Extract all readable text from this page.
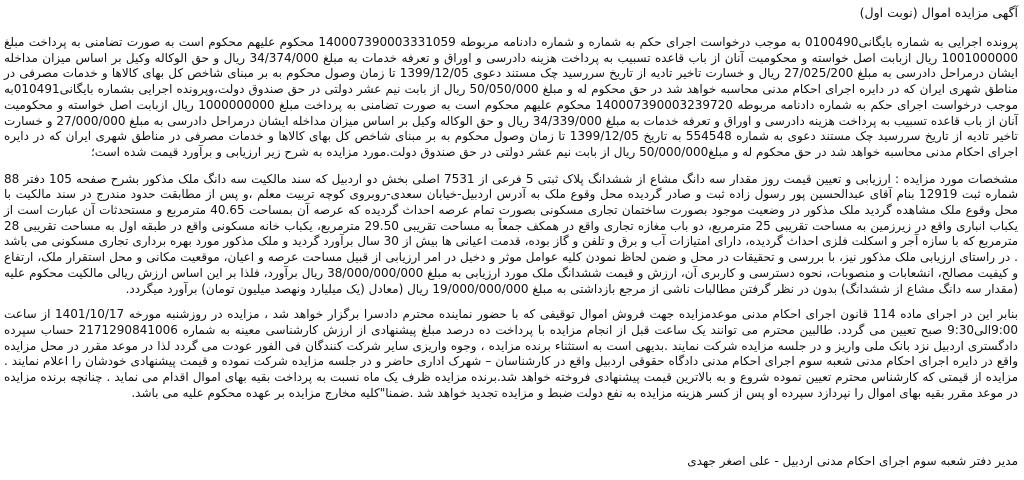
آگهی مزایده اموال (نوبت اول)
پرونده اجرایی به شماره بایگانی0100490 به موجب درخواست اجرای حکم به شماره و شماره دادنامه مربوطه 140007390003331059 محکوم علیهم محکوم است به صورت تضامنی به پرداخت مبلغ 1001000000 ریال ازبابت اصل خواسته و محکومیت آنان از باب قاعده تسبیب به پرداخت هزینه دادرسی و اوراق و تعرفه خدمات به مبلغ 34/374/000 ریال و حق الوکاله وکیل بر اساس میزان مداخله ایشان درمراحل دادرسی به مبلغ 27/025/200 ریال و خسارت تاخیر تادیه از تاریخ سررسید چک مستند دعوی 1399/12/05 تا زمان وصول محکوم به بر مبنای شاخص کل بهای کالاها و خدمات مصرفی در مناطق شهری ایران که در دایره اجرای احکام مدنی محاسبه خواهد شد در حق محکوم له و مبلغ 50/050/000 ریال از بابت نیم عشر دولتی در حق صندوق دولت،وپرونده اجرایی بشماره بایگانی010491به موجب درخواست اجرای حکم به شماره دادنامه مربوطه 140007390003239720 محکوم علیهم محکوم است به صورت تضامنی به پرداخت مبلغ 1000000000 ریال ازبابت اصل خواسته و محکومیت آنان از باب قاعده تسبیب به پرداخت هزینه دادرسی و اوراق و تعرفه خدمات به مبلغ 34/339/000 ریال و حق الوکاله وکیل بر اساس میزان مداخله ایشان درمراحل دادرسی به مبلغ 27/000/000 و خسارت تاخیر تادیه از تاریخ سررسید چک مستند دعوی به شماره 554548 به تاریخ 1399/12/05 تا زمان وصول محکوم به بر مبنای شاخص کل بهای کالاها و خدمات مصرفی در مناطق شهری ایران که در دایره اجرای احکام مدنی محاسبه خواهد شد در حق محکوم له و مبلغ50/000/000 ریال از بابت نیم عشر دولتی در حق صندوق دولت.مورد مزایده به شرح زیر ارزیابی و برآورد قیمت شده است؛
مشخصات مورد مزایده : ارزیابی و تعیین قیمت روز مقدار سه دانگ مشاع از ششدانگ پلاک ثبتی 5 فرعی از 7531 اصلی بخش دو اردبیل که سند مالکیت سه دانگ ملک مذکور بشرح صفحه 105 دفتر 88 شماره ثبت 12919 بنام آقای عبدالحسین پور رسول زاده ثبت و صادر گردیده محل وقوع ملک به آدرس اردبیل-خیابان سعدی-روبروی کوچه تربیت معلم ،و پس از مطابقت حدود مندرج در سند مالکیت با محل وقوع ملک مشاهده گردید ملک مذکور در وضعیت موجود بصورت ساختمان تجاری مسکونی بصورت تمام عرصه احداث گردیده که عرصه آن بمساحت 40.65 مترمربع و مستحدثات آن عبارت است از یکباب انباری واقع در زیرزمین به مساحت تقریبی 25 مترمربع، دو باب مغازه تجاری واقع در همکف جمعاً به مساحت تقریبی 29.50 مترمربع، یکباب خانه مسکونی واقع در طبقه اول به مساحت تقریبی 28 مترمربع که با سازه آجر و اسکلت فلزی احداث گردیده، دارای امتیازات آب و برق و تلفن و گاز بوده، قدمت اعیانی ها بیش از 30 سال برآورد گردید و ملک مذکور مورد بهره برداری تجاری مسکونی می باشد . در راستای ارزیابی ملک مذکور نیز، با بررسی و تحقیقات در محل و ضمن لحاظ نمودن کلیه عوامل موثر و دخیل در امر ارزیابی از قبیل مساحت عرصه و اعیان، موقعیت مکانی و محل استقرار ملک، ارتفاع و کیفیت مصالح، انشعابات و منصوبات، نحوه دسترسی و کاربری آن، ارزش و قیمت ششدانگ ملک مورد ارزیابی به مبلغ 38/000/000/000 ریال برآورد، فلذا بر این اساس ارزش ریالی مالکیت محکوم علیه (مقدار سه دانگ مشاع از ششدانگ) بدون در نظر گرفتن مطالبات ناشی از مرجع بازداشتی به مبلغ 19/000/000/000 ریال (معادل (یک میلیارد ونهصد میلیون تومان) برآورد میگردد.
بنابر این در اجرای ماده 114 قانون اجرای احکام مدنی موعدمزایده جهت فروش اموال توقیفی که با حضور نماینده محترم دادسرا برگزار خواهد شد ، مزایده در روزشنبه مورخه 1401/10/17 از ساعت 9:00الی9:30 صبح تعیین می گردد. طالبین محترم می توانند یک ساعت قبل از انجام مزایده با پرداخت ده درصد مبلغ پیشنهادی از ارزش کارشناسی معینه به شماره 2171290841006 حساب سپرده دادگستری اردبیل نزد بانک ملی واریز و در جلسه مزایده شرکت نمایند .بدیهی است به استثناء برنده مزایده ، وجوه واریزی سایر شرکت کنندگان فی الفور عودت می گردد لذا در موعد مقرر در محل مزایده واقع در دایره اجرای احکام مدنی شعبه سوم اجرای احکام مدنی دادگاه حقوقی اردبیل واقع در کارشناسان – شهرک اداری حاضر و در جلسه مزایده شرکت نموده و قیمت پیشنهادی خودشان را اعلام نمایند . مزایده از قیمتی که کارشناس محترم تعیین نموده شروع و به بالاترین قیمت پیشنهادی فروخته خواهد شد.برنده مزایده ظرف یک ماه نسبت به پرداخت بقیه بهای اموال اقدام می نماید . چنانچه برنده مزایده در موعد مقرر بقیه بهای اموال را نپردازد سپرده او پس از کسر هزینه مزایده به نفع دولت ضبط و مزایده تجدید خواهد شد .ضمنا"کلیه مخارج مزایده بر عهده محکوم علیه می باشد.
مدیر دفتر شعبه سوم اجرای احکام مدنی اردبیل - علی اصغر جهدی
